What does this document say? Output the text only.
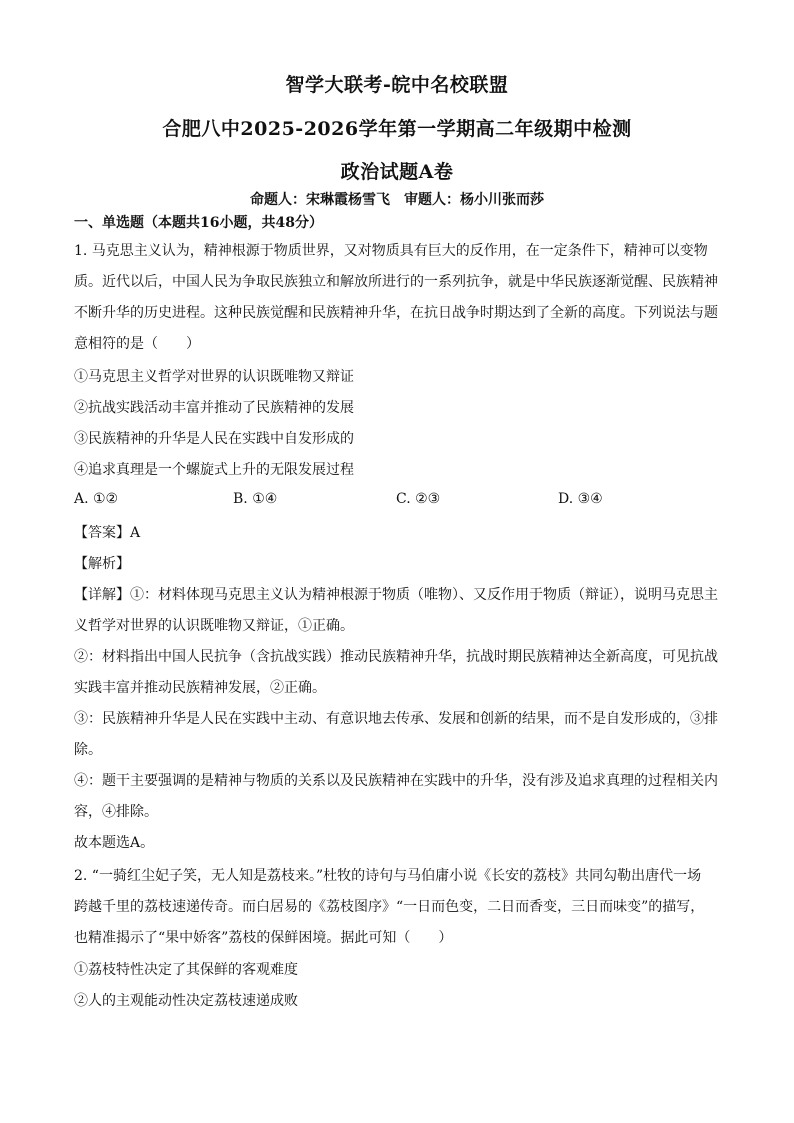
智学大联考-皖中名校联盟
合肥八中2025-2026学年第一学期高二年级期中检测
政治试题A卷
命题人：宋琳霞杨雪飞 审题人：杨小川张而莎
一、单选题（本题共16小题，共48分）
1. 马克思主义认为，精神根源于物质世界，又对物质具有巨大的反作用，在一定条件下，精神可以变物
质。近代以后，中国人民为争取民族独立和解放所进行的一系列抗争，就是中华民族逐渐觉醒、民族精神
不断升华的历史进程。这种民族觉醒和民族精神升华，在抗日战争时期达到了全新的高度。下列说法与题
意相符的是（　　）
①马克思主义哲学对世界的认识既唯物又辩证
②抗战实践活动丰富并推动了民族精神的发展
③民族精神的升华是人民在实践中自发形成的
④追求真理是一个螺旋式上升的无限发展过程
A. ①②	B. ①④	C. ②③	D. ③④
【答案】A
【解析】
【详解】①：材料体现马克思主义认为精神根源于物质（唯物）、又反作用于物质（辩证），说明马克思主
义哲学对世界的认识既唯物又辩证，①正确。
②：材料指出中国人民抗争（含抗战实践）推动民族精神升华，抗战时期民族精神达全新高度，可见抗战
实践丰富并推动民族精神发展，②正确。
③：民族精神升华是人民在实践中主动、有意识地去传承、发展和创新的结果，而不是自发形成的，③排
除。
④：题干主要强调的是精神与物质的关系以及民族精神在实践中的升华，没有涉及追求真理的过程相关内
容，④排除。
故本题选A。
2. “一骑红尘妃子笑，无人知是荔枝来。”杜牧的诗句与马伯庸小说《长安的荔枝》共同勾勒出唐代一场
跨越千里的荔枝速递传奇。而白居易的《荔枝图序》“一日而色变，二日而香变，三日而味变”的描写，
也精准揭示了“果中娇客”荔枝的保鲜困境。据此可知（　　）
①荔枝特性决定了其保鲜的客观难度
②人的主观能动性决定荔枝速递成败
